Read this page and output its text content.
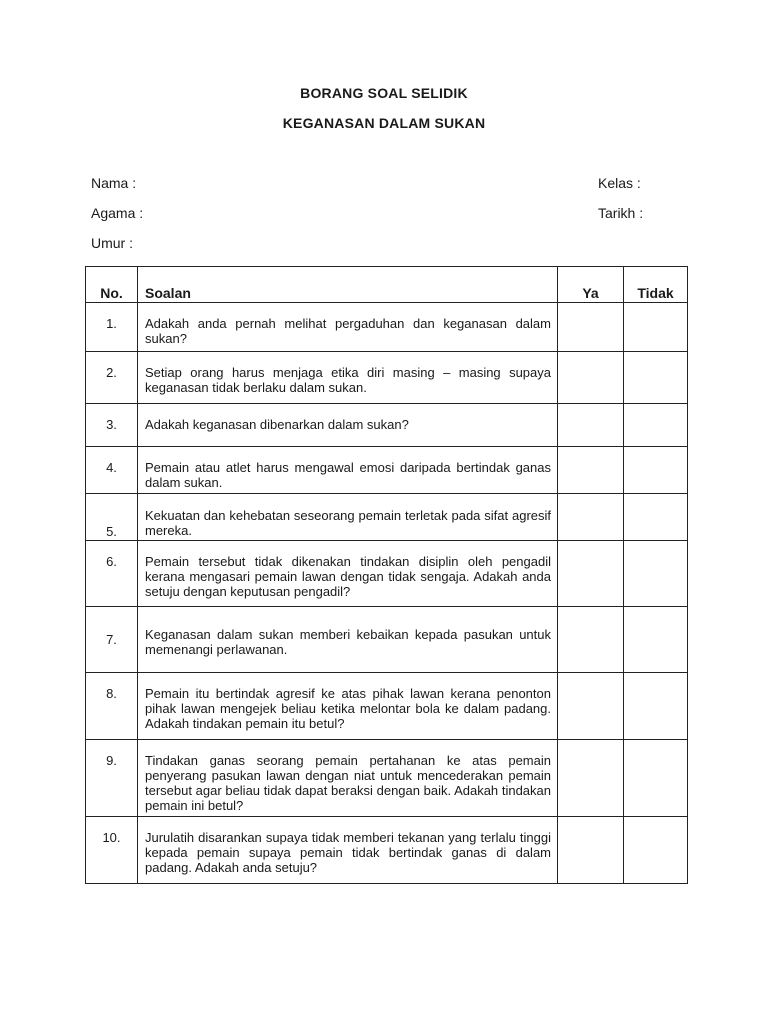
BORANG SOAL SELIDIK
KEGANASAN DALAM SUKAN
Nama :	Kelas :
Agama :	Tarikh :
Umur :
No.	Soalan	Ya	Tidak
1.	Adakah anda pernah melihat pergaduhan dan keganasan dalam sukan?		
2.	Setiap orang harus menjaga etika diri masing – masing supaya keganasan tidak berlaku dalam sukan.		
3.	Adakah keganasan dibenarkan dalam sukan?		
4.	Pemain atau atlet harus mengawal emosi daripada bertindak ganas dalam sukan.		
5.	Kekuatan dan kehebatan seseorang pemain terletak pada sifat agresif mereka.		
6.	Pemain tersebut tidak dikenakan tindakan disiplin oleh pengadil kerana mengasari pemain lawan dengan tidak sengaja. Adakah anda setuju dengan keputusan pengadil?		
7.	Keganasan dalam sukan memberi kebaikan kepada pasukan untuk memenangi perlawanan.		
8.	Pemain itu bertindak agresif ke atas pihak lawan kerana penonton pihak lawan mengejek beliau ketika melontar bola ke dalam padang. Adakah tindakan pemain itu betul?		
9.	Tindakan ganas seorang pemain pertahanan ke atas pemain penyerang pasukan lawan dengan niat untuk mencederakan pemain tersebut agar beliau tidak dapat beraksi dengan baik. Adakah tindakan pemain ini betul?		
10.	Jurulatih disarankan supaya tidak memberi tekanan yang terlalu tinggi kepada pemain supaya pemain tidak bertindak ganas di dalam padang. Adakah anda setuju?		
